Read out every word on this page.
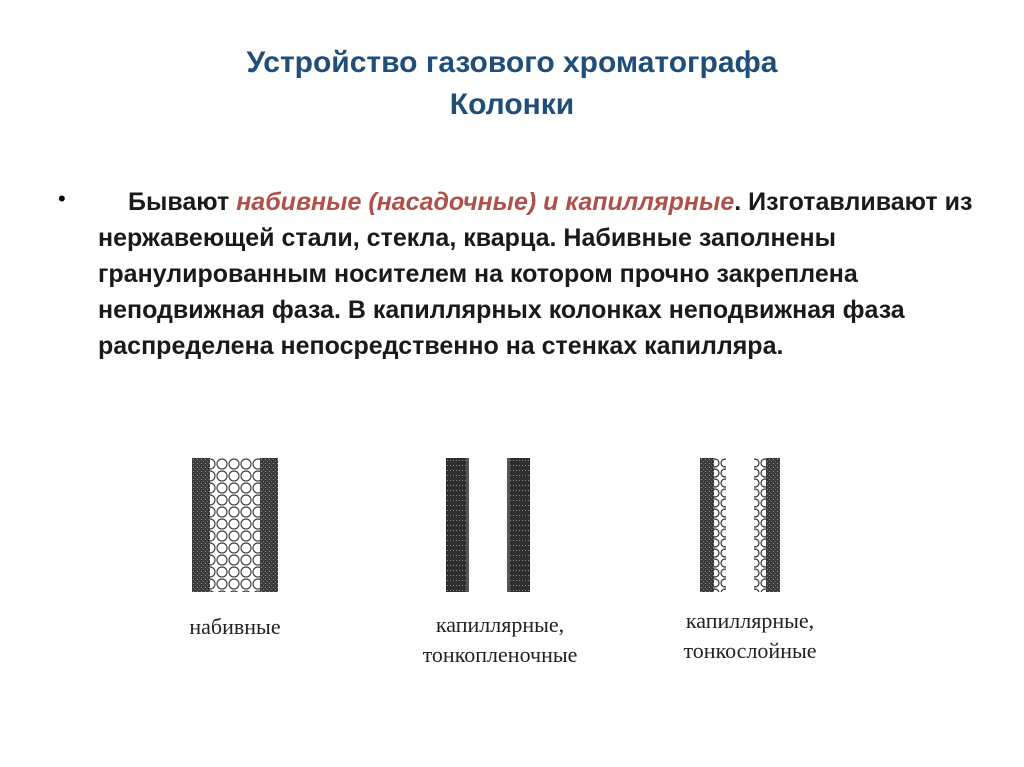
Устройство газового хроматографа
Колонки
•	Бывают набивные (насадочные) и капиллярные. Изготавливают из нержавеющей стали, стекла, кварца. Набивные заполнены гранулированным носителем на котором прочно закреплена неподвижная фаза. В капиллярных колонках неподвижная фаза распределена непосредственно на стенках капилляра.
набивные	капиллярные,
тонкопленочные
капиллярные,
тонкослойные
